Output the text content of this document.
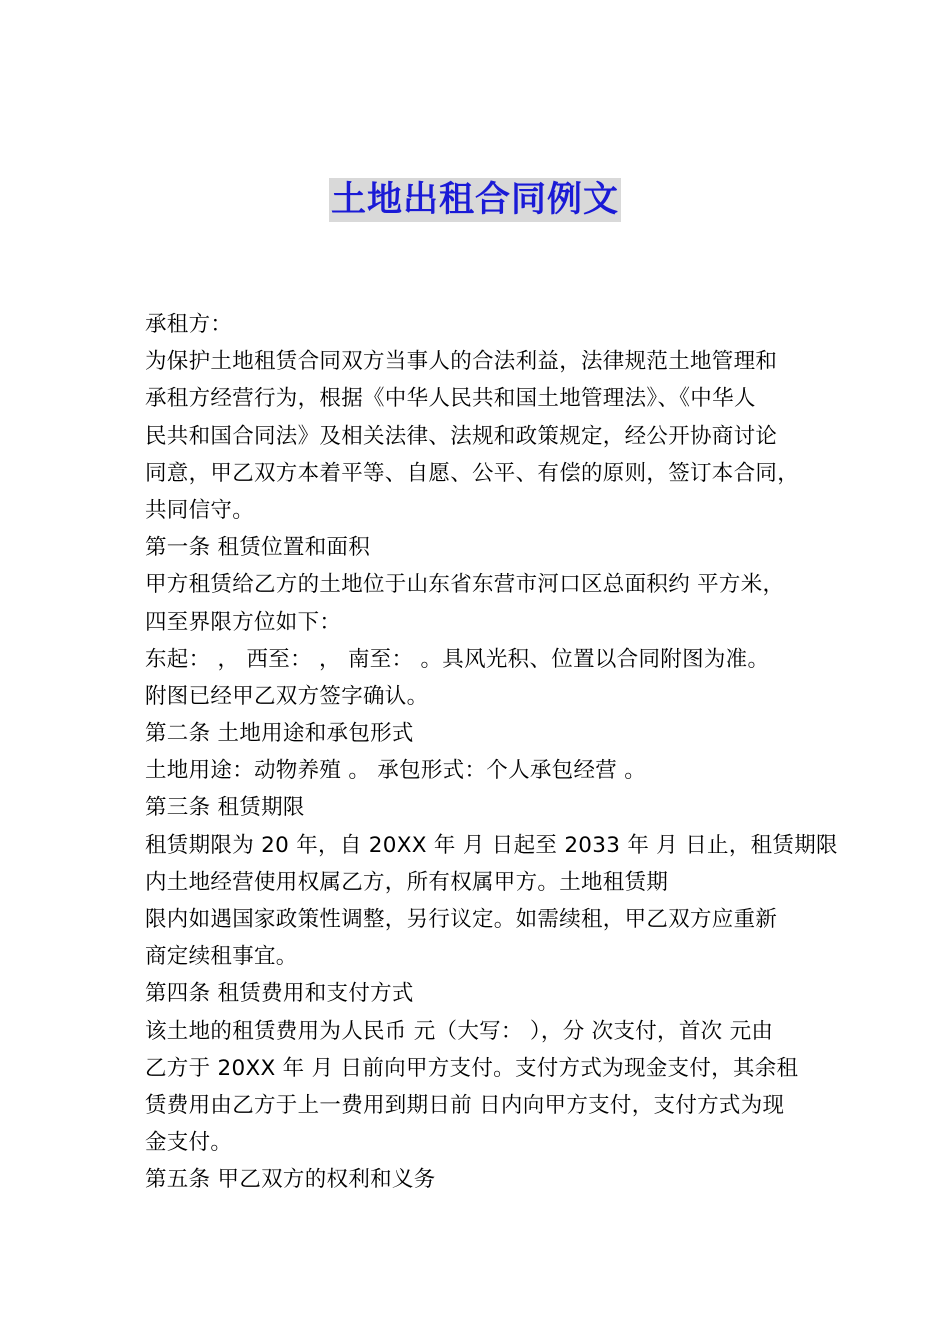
土地出租合同例文
承租方：
为保护土地租赁合同双方当事人的合法利益，法律规范土地管理和
承租方经营行为，根据《中华人民共和国土地管理法》、《中华人
民共和国合同法》及相关法律、法规和政策规定，经公开协商讨论
同意，甲乙双方本着平等、自愿、公平、有偿的原则，签订本合同，
共同信守。
第一条 租赁位置和面积
甲方租赁给乙方的土地位于山东省东营市河口区总面积约 平方米，
四至界限方位如下：
东起： ， 西至： ， 南至： 。具风光积、位置以合同附图为准。
附图已经甲乙双方签字确认。
第二条 土地用途和承包形式
土地用途：动物养殖 。 承包形式：个人承包经营 。
第三条 租赁期限
租赁期限为 20 年，自 20XX 年 月 日起至 2033 年 月 日止，租赁期限
内土地经营使用权属乙方，所有权属甲方。土地租赁期
限内如遇国家政策性调整，另行议定。如需续租，甲乙双方应重新
商定续租事宜。
第四条 租赁费用和支付方式
该土地的租赁费用为人民币 元（大写： ），分 次支付，首次 元由
乙方于 20XX 年 月 日前向甲方支付。支付方式为现金支付，其余租
赁费用由乙方于上一费用到期日前 日内向甲方支付，支付方式为现
金支付。
第五条 甲乙双方的权利和义务
